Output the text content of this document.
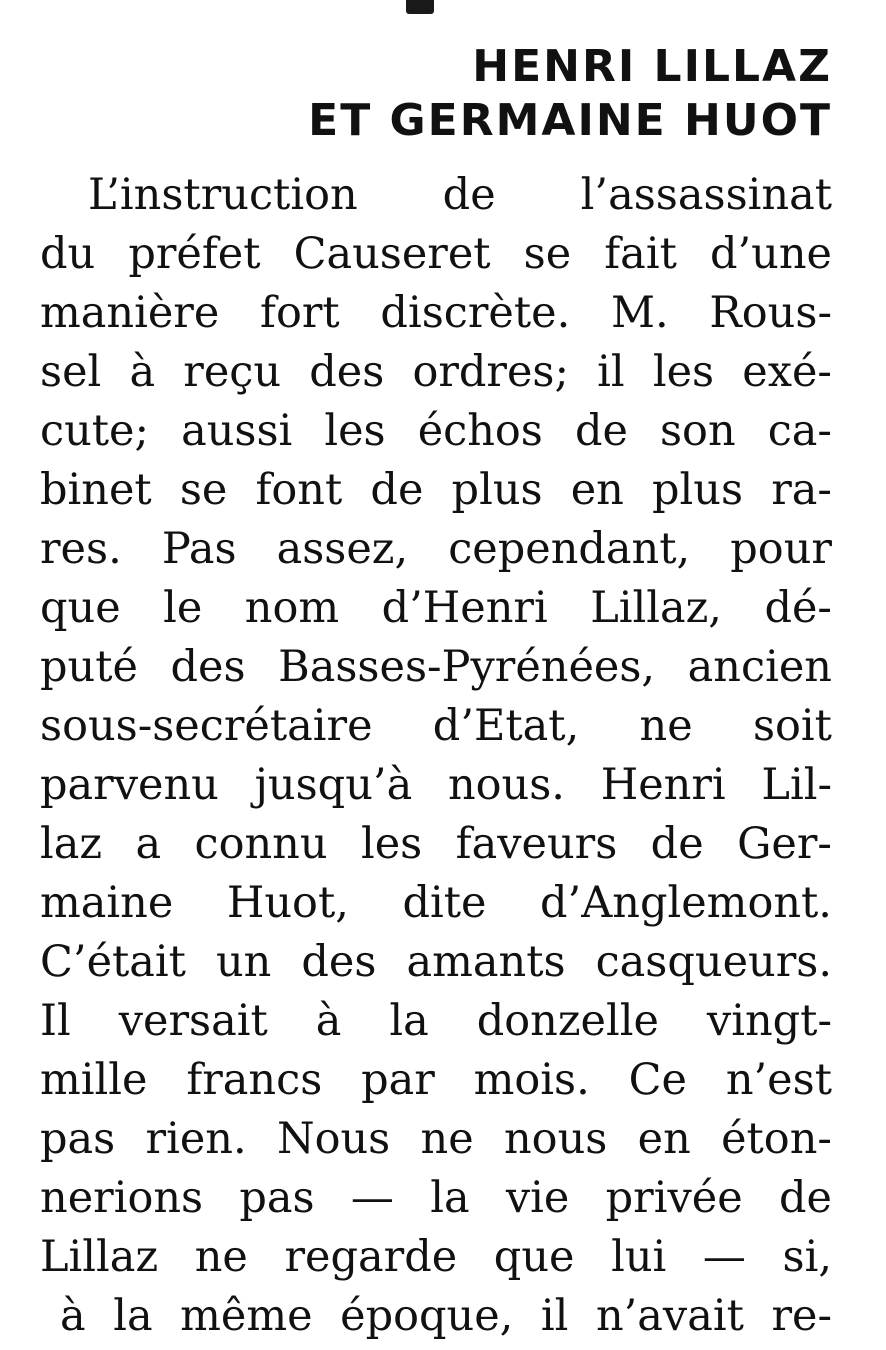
HENRI LILLAZ
ET GERMAINE HUOT
L’instruction de l’assassinat
du préfet Causeret se fait d’une
manière fort discrète. M. Rous-
sel à reçu des ordres; il les exé-
cute; aussi les échos de son ca-
binet se font de plus en plus ra-
res. Pas assez, cependant, pour
que le nom d’Henri Lillaz, dé-
puté des Basses-Pyrénées, ancien
sous-secrétaire d’Etat, ne soit
parvenu jusqu’à nous. Henri Lil-
laz a connu les faveurs de Ger-
maine Huot, dite d’Anglemont.
C’était un des amants casqueurs.
Il versait à la donzelle vingt-
mille francs par mois. Ce n’est
pas rien. Nous ne nous en éton-
nerions pas — la vie privée de
Lillaz ne regarde que lui — si,
à la même époque, il n’avait re-
